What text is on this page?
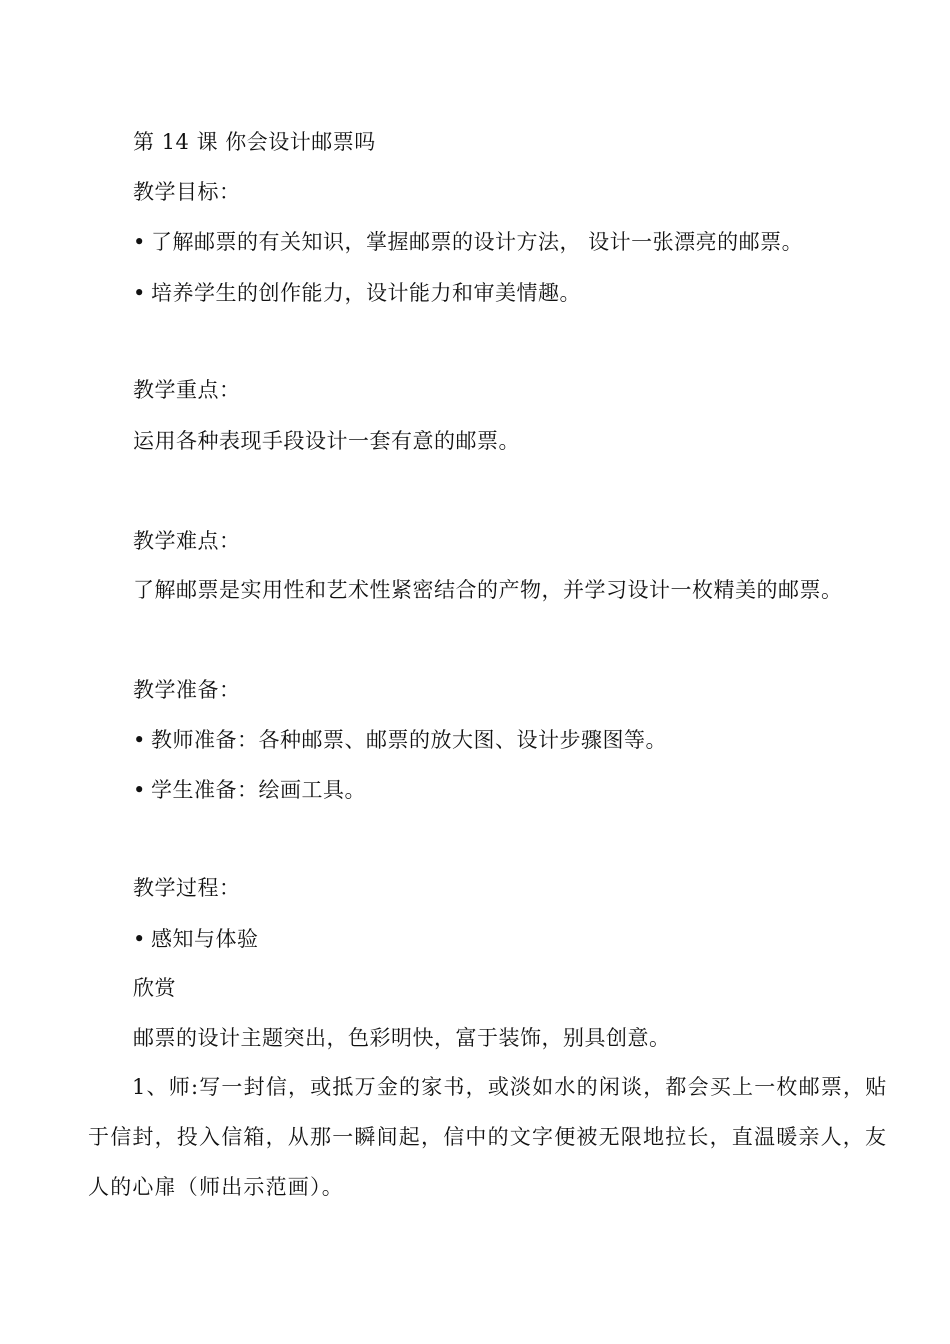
第 14 课 你会设计邮票吗
教学目标：
• 了解邮票的有关知识，掌握邮票的设计方法， 设计一张漂亮的邮票。
• 培养学生的创作能力，设计能力和审美情趣。
教学重点：
运用各种表现手段设计一套有意的邮票。
教学难点：
了解邮票是实用性和艺术性紧密结合的产物，并学习设计一枚精美的邮票。
教学准备：
• 教师准备：各种邮票、邮票的放大图、设计步骤图等。
• 学生准备：绘画工具。
教学过程：
• 感知与体验
欣赏
邮票的设计主题突出，色彩明快，富于装饰，别具创意。
1、师:写一封信，或抵万金的家书，或淡如水的闲谈，都会买上一枚邮票，贴于信封，投入信箱，从那一瞬间起，信中的文字便被无限地拉长，直温暖亲人，友人的心扉（师出示范画）。
